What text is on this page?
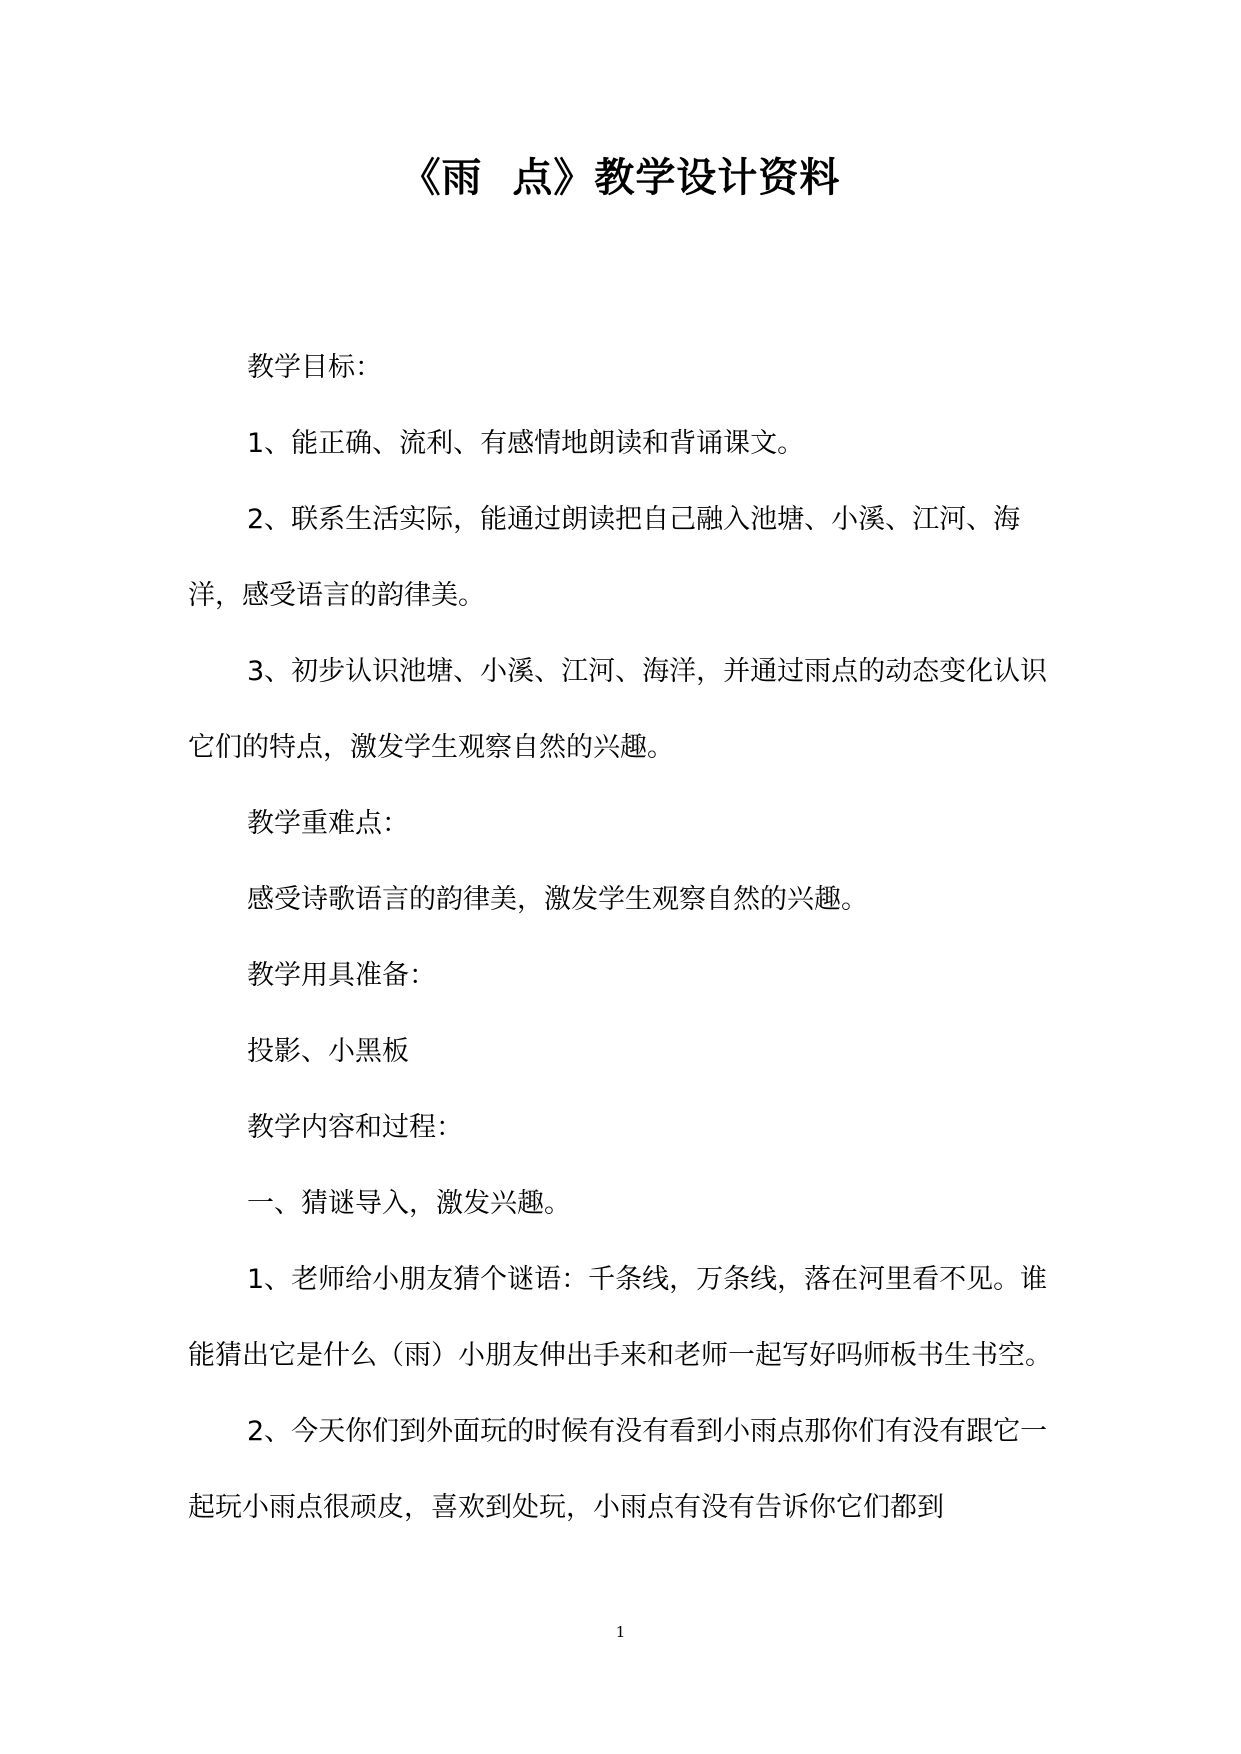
《雨  点》教学设计资料

教学目标：

1、能正确、流利、有感情地朗读和背诵课文。

2、联系生活实际，能通过朗读把自己融入池塘、小溪、江河、海洋，感受语言的韵律美。

3、初步认识池塘、小溪、江河、海洋，并通过雨点的动态变化认识它们的特点，激发学生观察自然的兴趣。

教学重难点：

感受诗歌语言的韵律美，激发学生观察自然的兴趣。

教学用具准备：

投影、小黑板

教学内容和过程：

一、猜谜导入，激发兴趣。

1、老师给小朋友猜个谜语：千条线，万条线，落在河里看不见。谁能猜出它是什么（雨）小朋友伸出手来和老师一起写好吗师板书生书空。

2、今天你们到外面玩的时候有没有看到小雨点那你们有没有跟它一起玩小雨点很顽皮，喜欢到处玩，小雨点有没有告诉你它们都到

1
